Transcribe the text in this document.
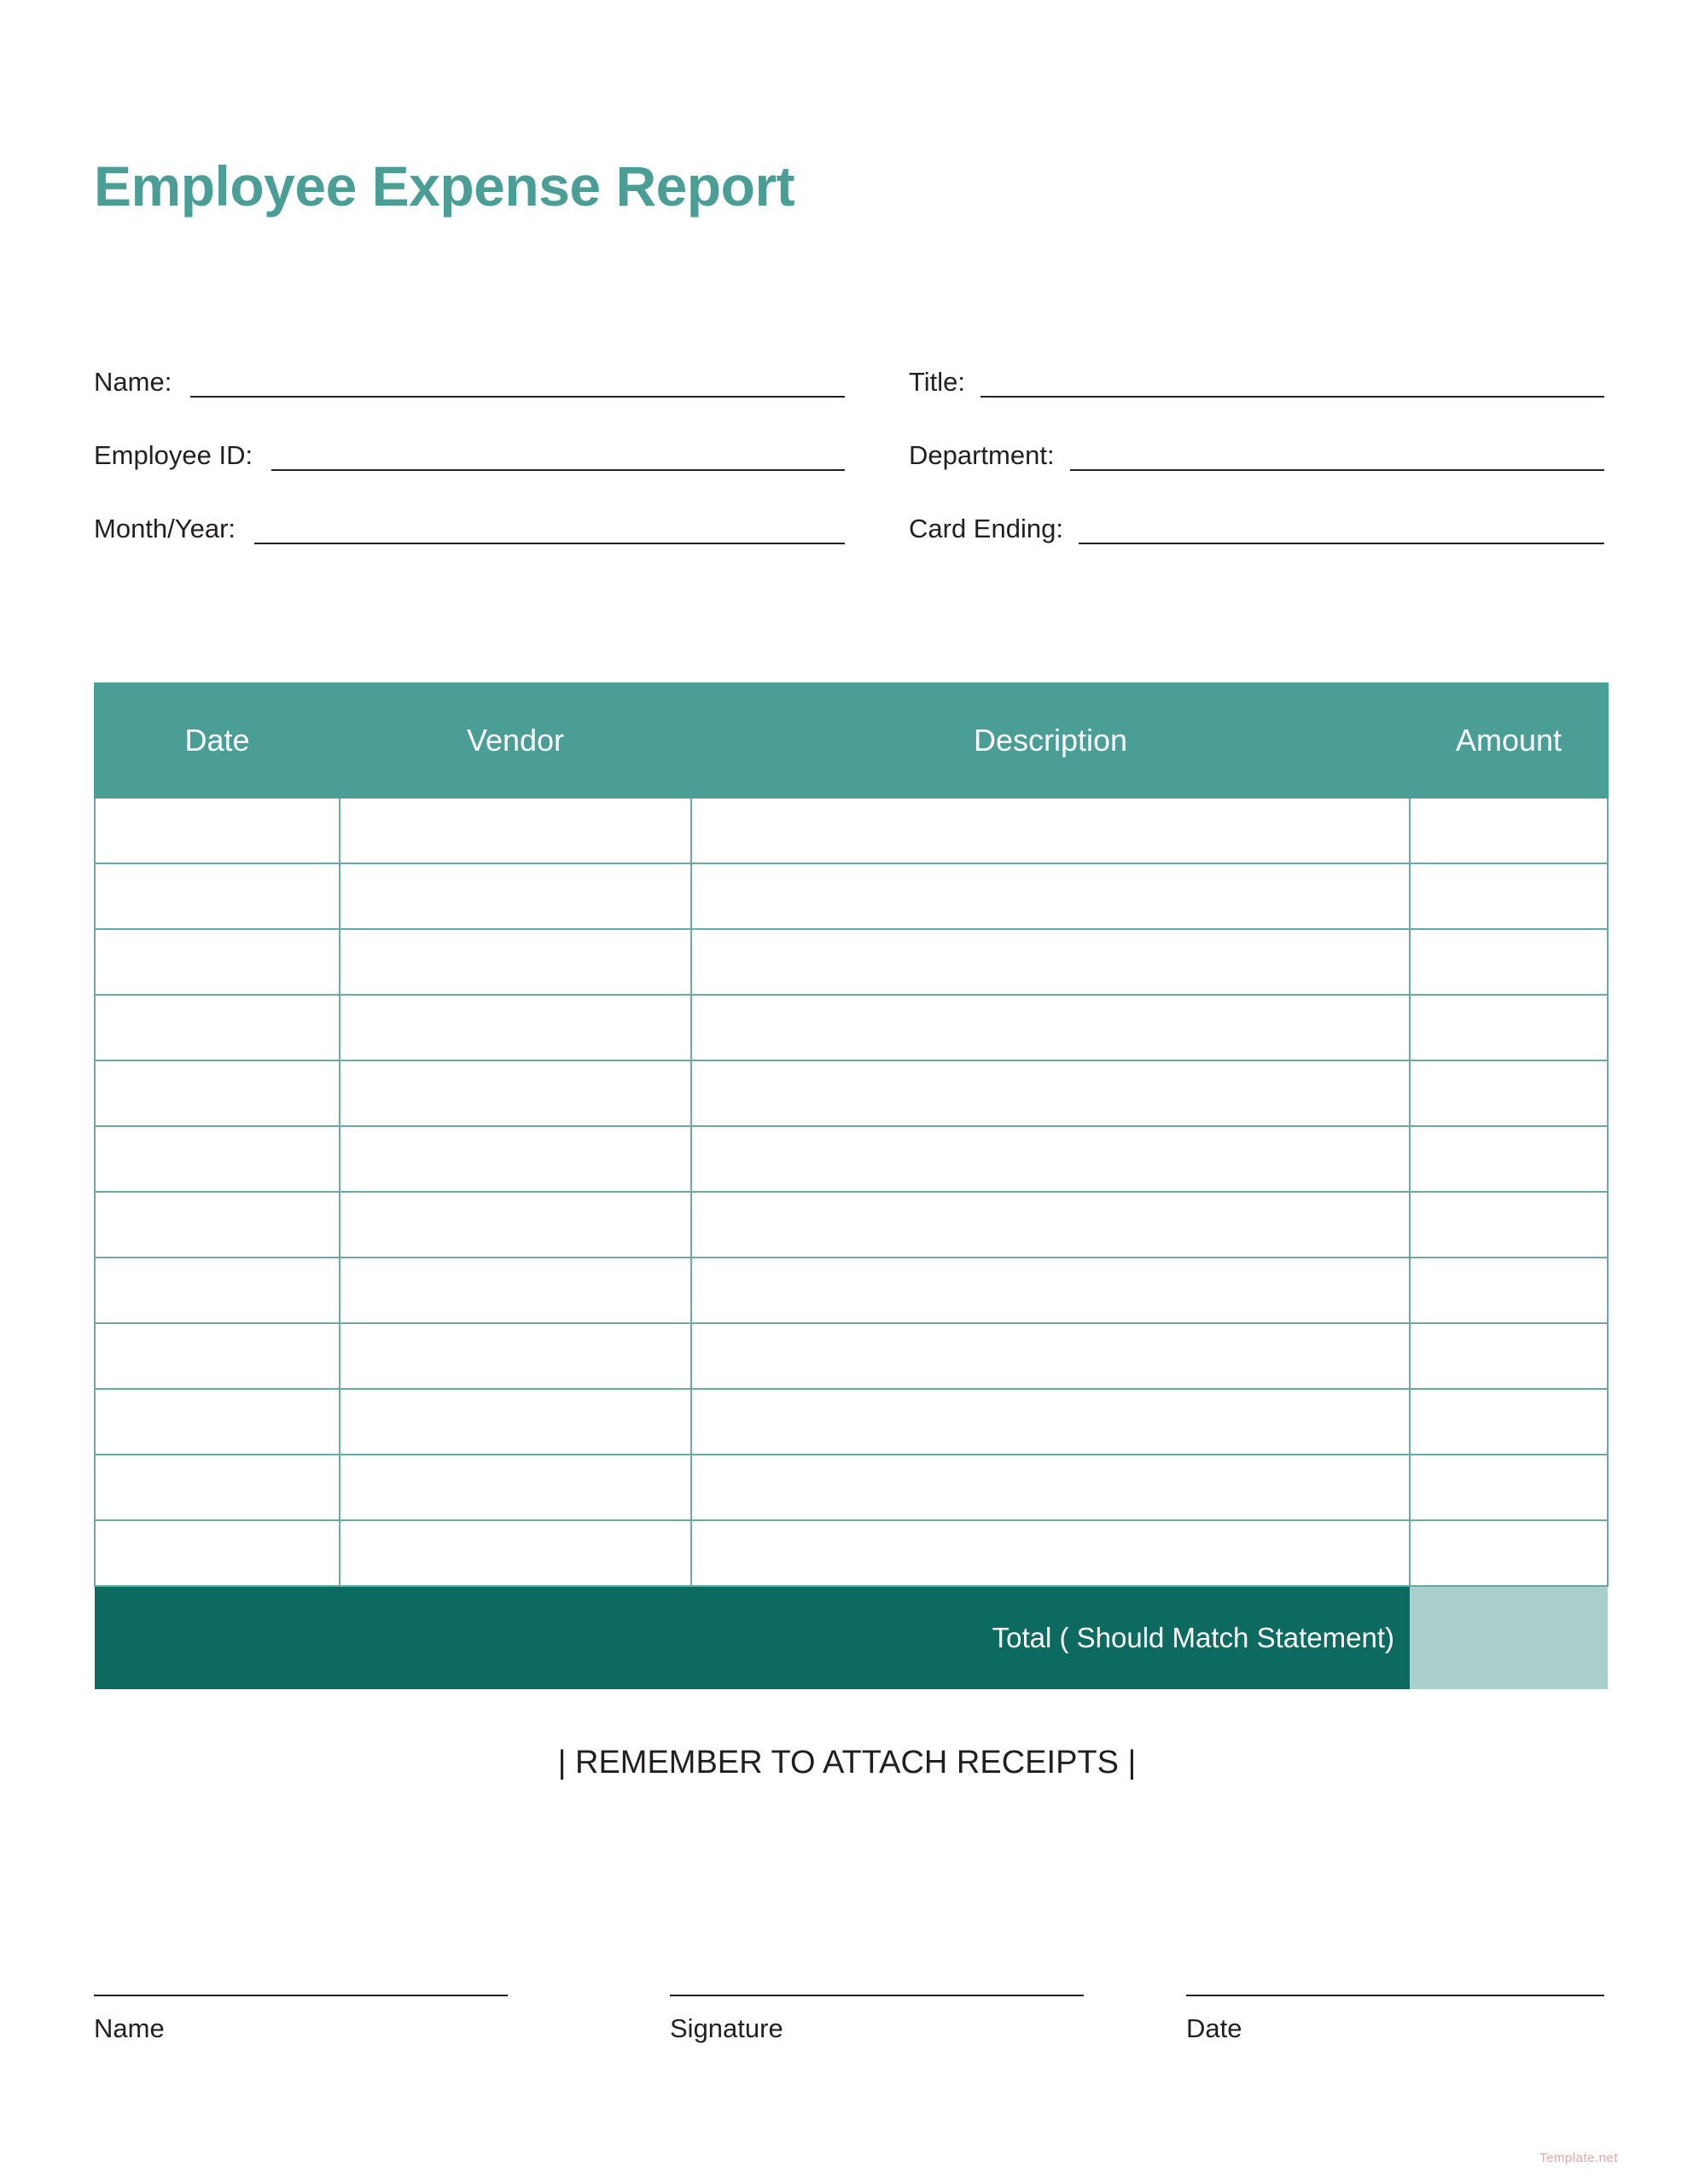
Employee Expense Report
Name:	Title:
Employee ID:	Department:
Month/Year:	Card Ending:
Date	Vendor	Description	Amount

		Total ( Should Match Statement)	
| REMEMBER TO ATTACH RECEIPTS |
Name	Signature	Date
Template.net
